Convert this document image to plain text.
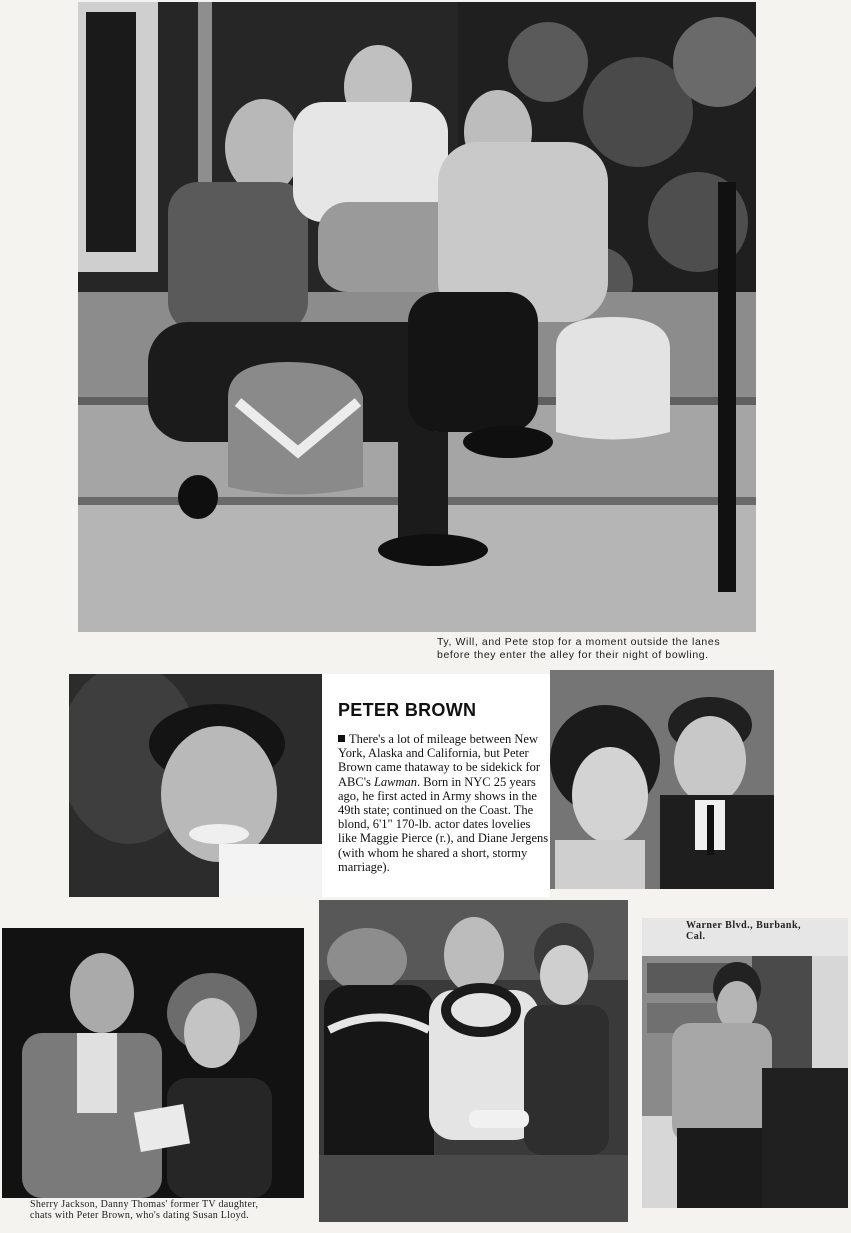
Ty, Will, and Pete stop for a moment outside the lanes
before they enter the alley for their night of bowling.
PETER BROWN
There's a lot of mileage between New York, Alaska and California, but Peter Brown came thataway to be sidekick for ABC's Lawman. Born in NYC 25 years ago, he first acted in Army shows in the 49th state; continued on the Coast. The blond, 6'1" 170-lb. actor dates lovelies like Maggie Pierce (r.), and Diane Jergens (with whom he shared a short, stormy marriage).
Sherry Jackson, Danny Thomas' former TV daughter,
chats with Peter Brown, who's dating Susan Lloyd.
Warner Blvd., Burbank,
Cal.
